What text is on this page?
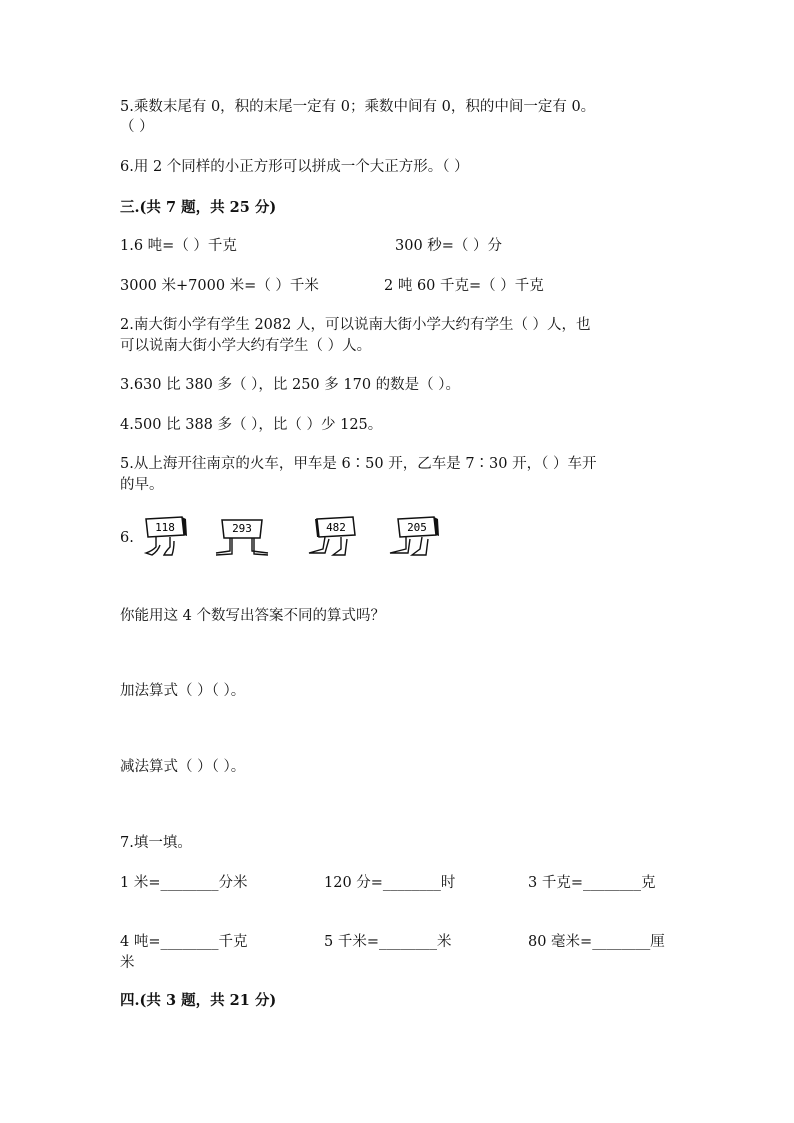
5.乘数末尾有 0，积的末尾一定有 0；乘数中间有 0，积的中间一定有 0。
（ ）
6.用 2 个同样的小正方形可以拼成一个大正方形。（ ）
三.(共 7 题，共 25 分)
1.6 吨=（ ）千克	300 秒=（ ）分
3000 米+7000 米=（ ）千米	2 吨 60 千克=（ ）千克
2.南大街小学有学生 2082 人，可以说南大街小学大约有学生（ ）人，也
可以说南大街小学大约有学生（ ）人。
3.630 比 380 多（ ），比 250 多 170 的数是（ ）。
4.500 比 388 多（ ），比（ ）少 125。
5.从上海开往南京的火车，甲车是 6∶50 开，乙车是 7∶30 开，（ ）车开
的早。
6.
118	293	482	205
你能用这 4 个数写出答案不同的算式吗？
加法算式（ ）（ ）。
减法算式（ ）（ ）。
7.填一填。
1 米=________分米	120 分=________时	3 千克=________克
4 吨=________千克	5 千米=________米	80 毫米=________厘
米
四.(共 3 题，共 21 分)
